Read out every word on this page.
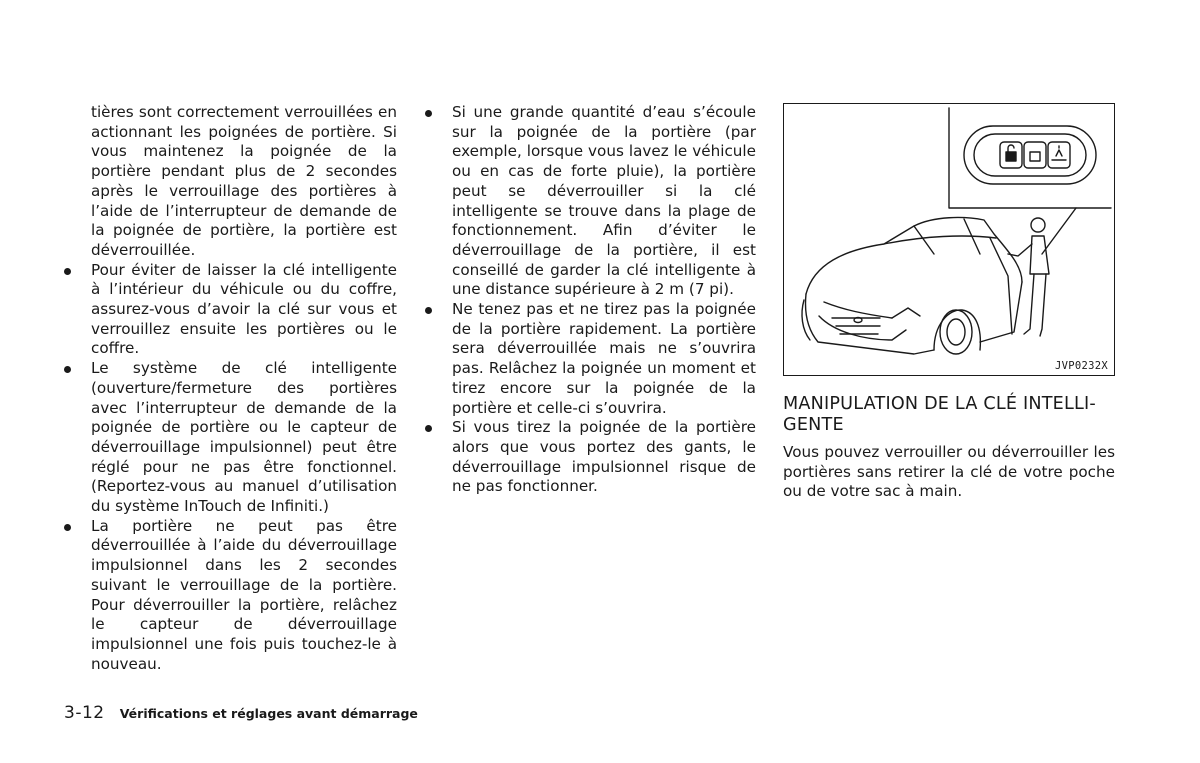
tières sont correctement verrouillées en actionnant les poignées de portière. Si vous maintenez la poignée de la portière pendant plus de 2 secondes après le verrouillage des portières à l’aide de l’interrupteur de demande de la poignée de portière, la portière est déverrouillée.

Pour éviter de laisser la clé intelligente à l’intérieur du véhicule ou du coffre, assurez-vous d’avoir la clé sur vous et verrouillez ensuite les portières ou le coffre.

Le système de clé intelligente (ouverture/fermeture des portières avec l’interrupteur de demande de la poignée de portière ou le capteur de déverrouillage impulsionnel) peut être réglé pour ne pas être fonctionnel. (Reportez-vous au manuel d’utilisation du système InTouch de Infiniti.)

La portière ne peut pas être déverrouillée à l’aide du déverrouillage impulsionnel dans les 2 secondes suivant le verrouillage de la portière. Pour déverrouiller la portière, relâchez le capteur de déverrouillage impulsionnel une fois puis touchez-le à nouveau.

Si une grande quantité d’eau s’écoule sur la poignée de la portière (par exemple, lorsque vous lavez le véhicule ou en cas de forte pluie), la portière peut se déverrouiller si la clé intelligente se trouve dans la plage de fonctionnement. Afin d’éviter le déverrouillage de la portière, il est conseillé de garder la clé intelligente à une distance supérieure à 2 m (7 pi).

Ne tenez pas et ne tirez pas la poignée de la portière rapidement. La portière sera déverrouillée mais ne s’ouvrira pas. Relâchez la poignée un moment et tirez encore sur la poignée de la portière et celle-ci s’ouvrira.

Si vous tirez la poignée de la portière alors que vous portez des gants, le déverrouillage impulsionnel risque de ne pas fonctionner.

JVP0232X
MANIPULATION DE LA CLÉ INTELLI-GENTE

Vous pouvez verrouiller ou déverrouiller les portières sans retirer la clé de votre poche ou de votre sac à main.

3-12 Vérifications et réglages avant démarrage
